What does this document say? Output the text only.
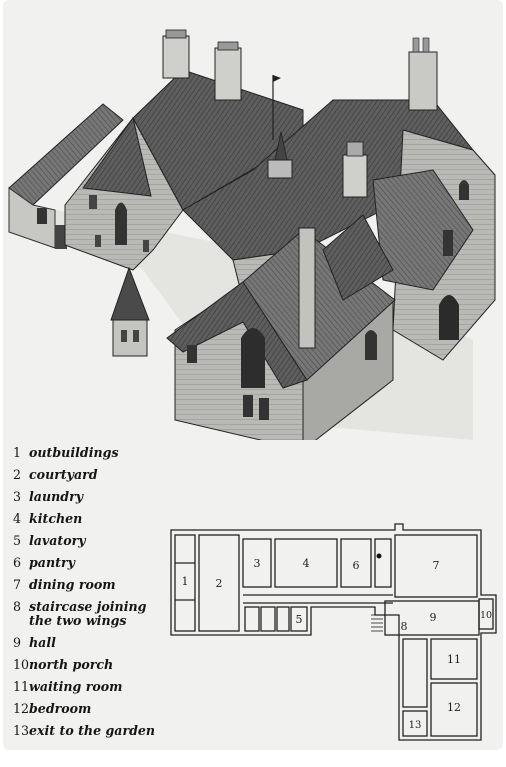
1 outbuildings
2 courtyard
3 laundry
4 kitchen
5 lavatory
6 pantry
7 dining room
8 staircase joining the two wings
9 hall
10 north porch
11 waiting room
12 bedroom
13 exit to the garden
1 2
3	4
5
6	7
8
9	10
11
12
13
